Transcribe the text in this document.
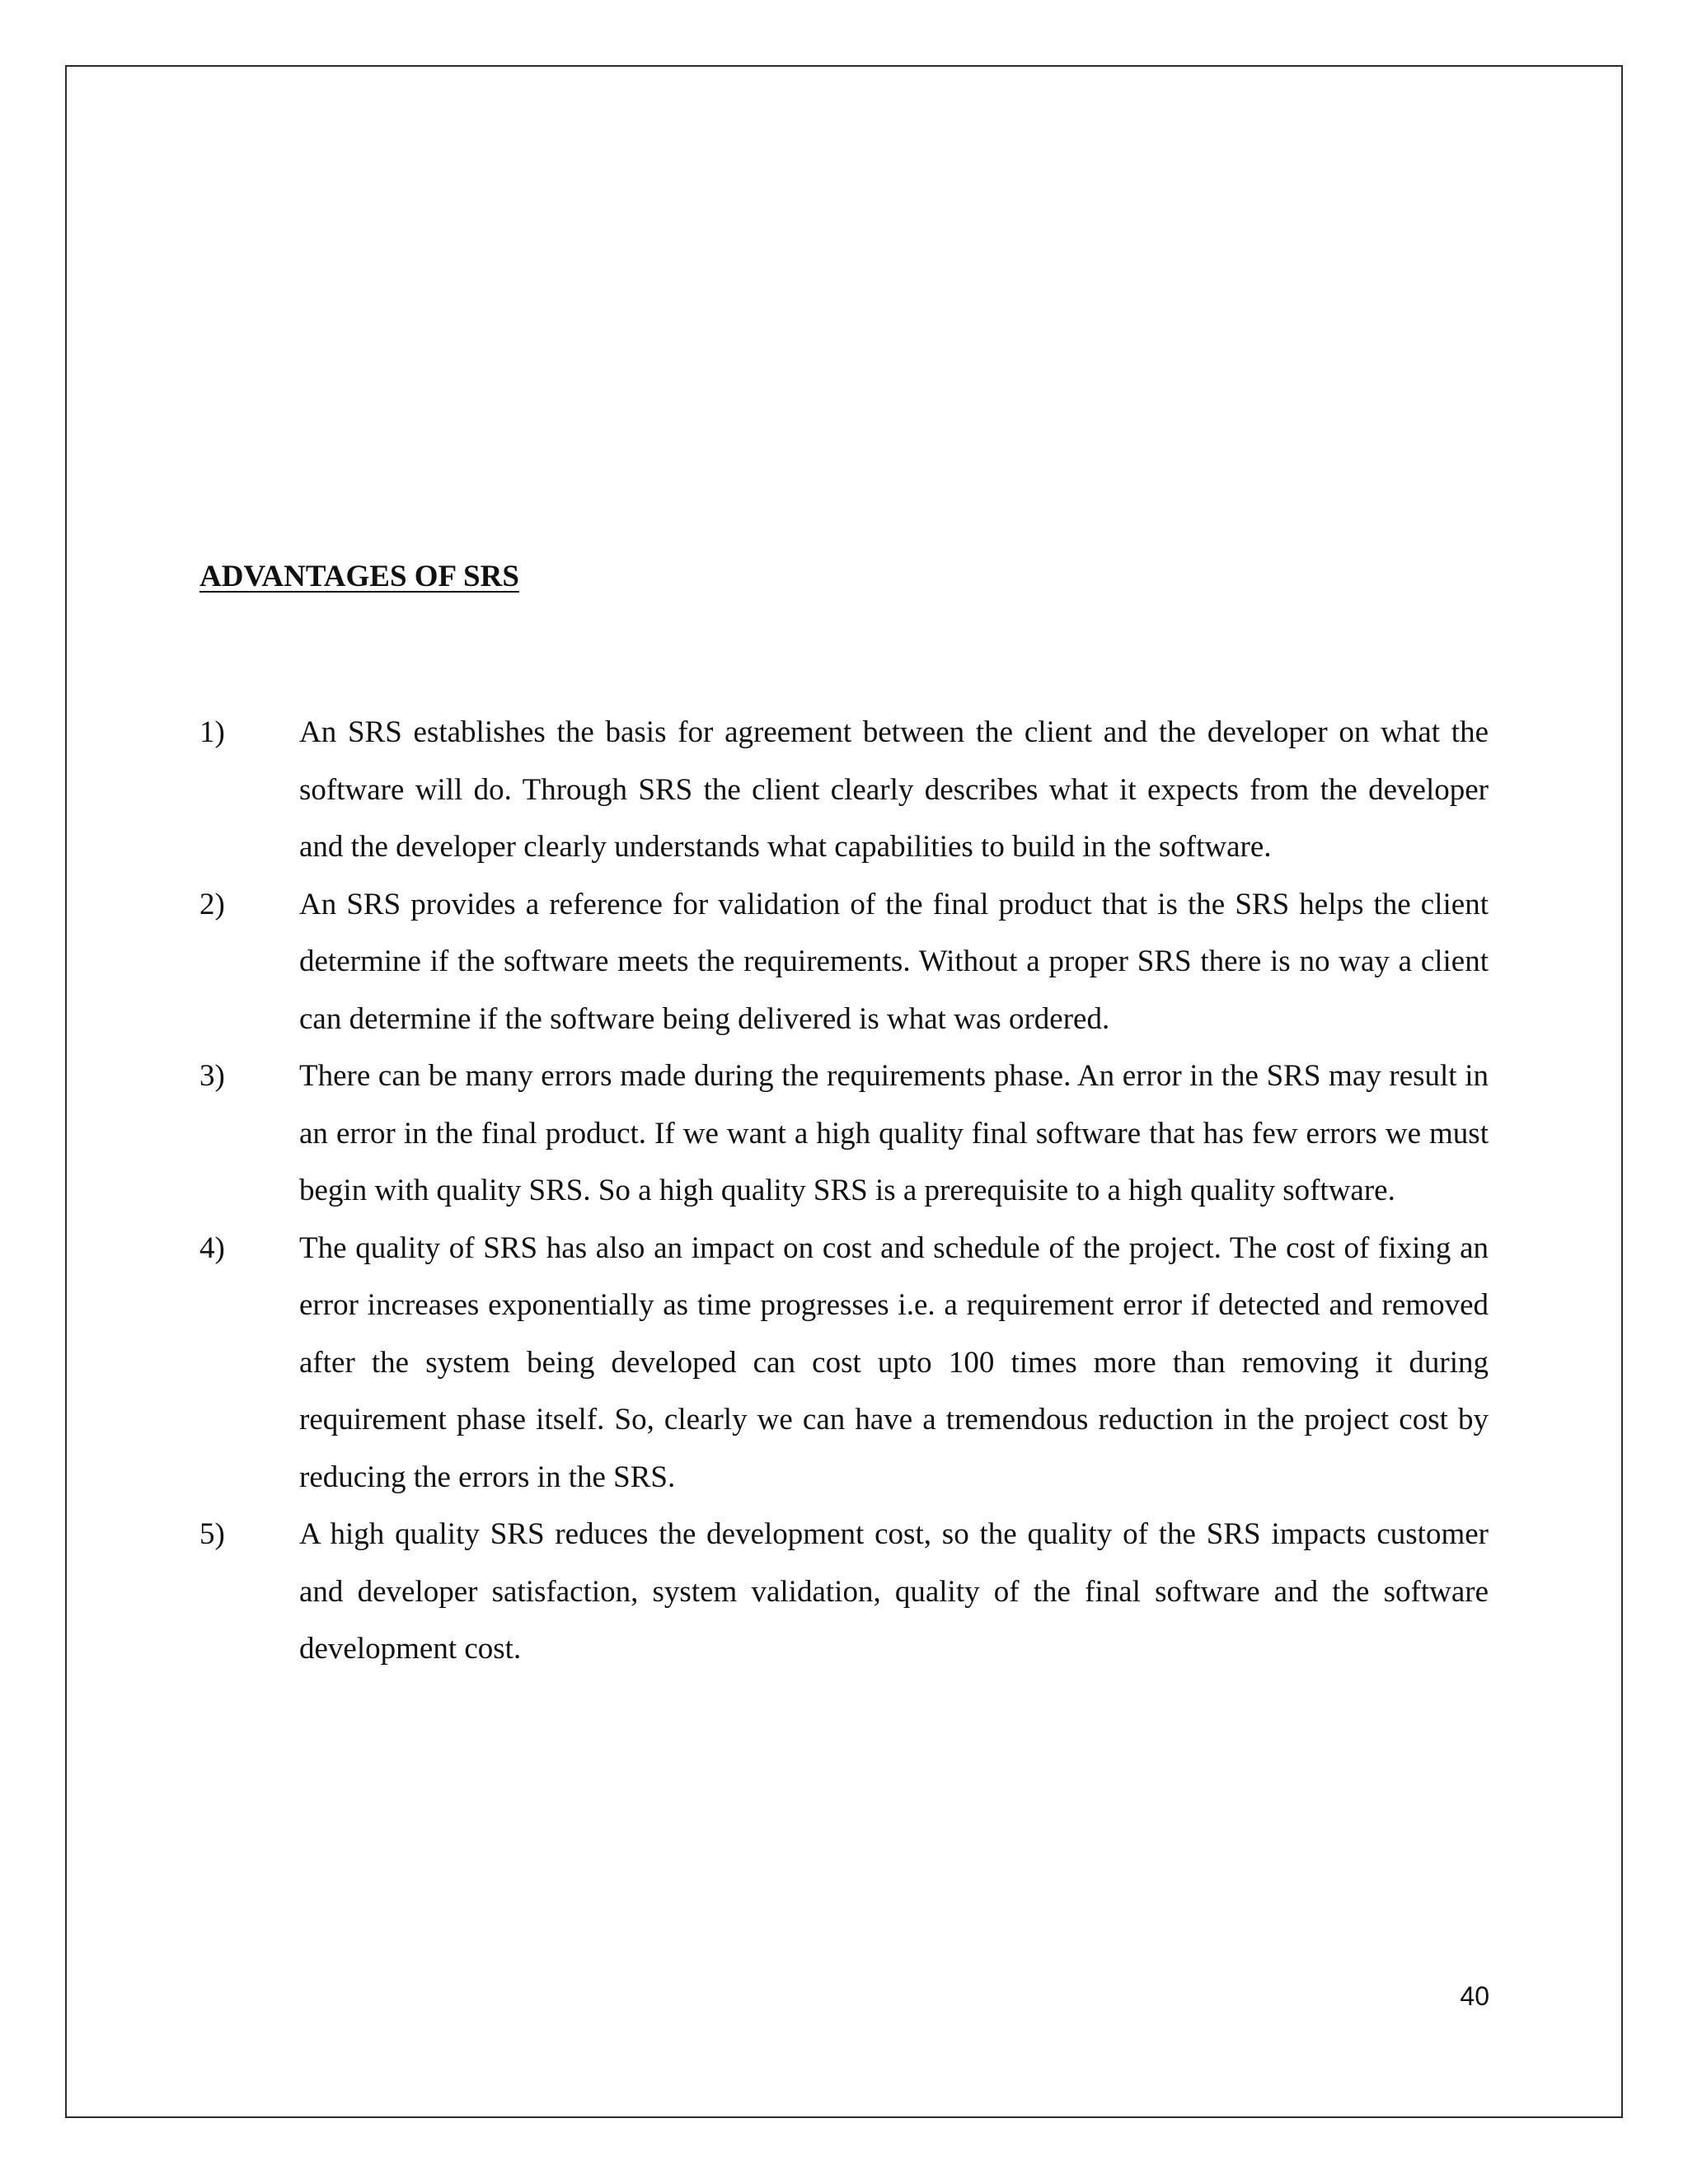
ADVANTAGES OF SRS
1) An SRS establishes the basis for agreement between the client and the developer on what the software will do. Through SRS the client clearly describes what it expects from the developer and the developer clearly understands what capabilities to build in the software.
2) An SRS provides a reference for validation of the final product that is the SRS helps the client determine if the software meets the requirements. Without a proper SRS there is no way a client can determine if the software being delivered is what was ordered.
3) There can be many errors made during the requirements phase. An error in the SRS may result in an error in the final product. If we want a high quality final software that has few errors we must begin with quality SRS. So a high quality SRS is a prerequisite to a high quality software.
4) The quality of SRS has also an impact on cost and schedule of the project. The cost of fixing an error increases exponentially as time progresses i.e. a requirement error if detected and removed after the system being developed can cost upto 100 times more than removing it during requirement phase itself. So, clearly we can have a tremendous reduction in the project cost by reducing the errors in the SRS.
5) A high quality SRS reduces the development cost, so the quality of the SRS impacts customer and developer satisfaction, system validation, quality of the final software and the software development cost.

40
